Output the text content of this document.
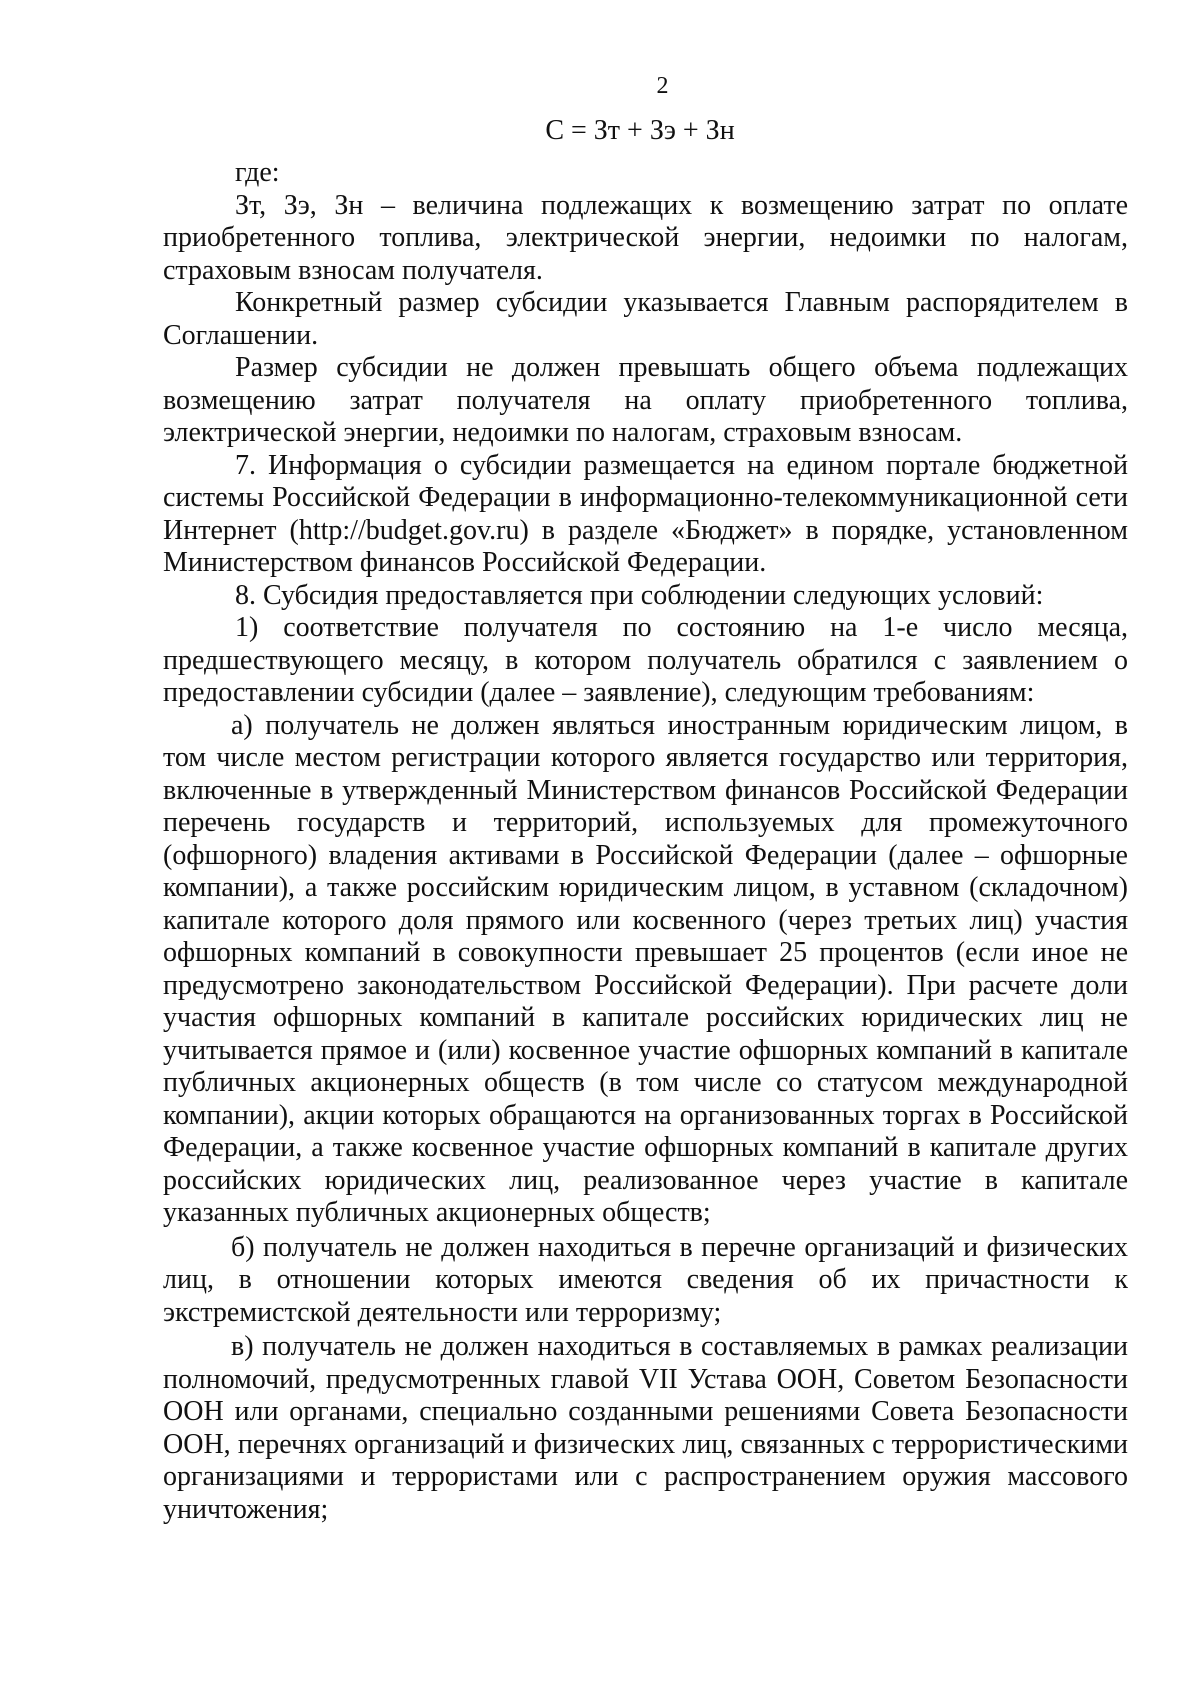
2
С = Зт + Зэ + Зн

где:

Зт, Зэ, Зн – величина подлежащих к возмещению затрат по оплате приобретенного топлива, электрической энергии, недоимки по налогам, страховым взносам получателя.

Конкретный размер субсидии указывается Главным распорядителем в Соглашении.

Размер субсидии не должен превышать общего объема подлежащих возмещению затрат получателя на оплату приобретенного топлива, электрической энергии, недоимки по налогам, страховым взносам.

7. Информация о субсидии размещается на едином портале бюджетной системы Российской Федерации в информационно-телекоммуникационной сети Интернет (http://budget.gov.ru) в разделе «Бюджет» в порядке, установленном Министерством финансов Российской Федерации.

8. Субсидия предоставляется при соблюдении следующих условий:

1) соответствие получателя по состоянию на 1-е число месяца, предшествующего месяцу, в котором получатель обратился с заявлением о предоставлении субсидии (далее – заявление), следующим требованиям:

а) получатель не должен являться иностранным юридическим лицом, в том числе местом регистрации которого является государство или территория, включенные в утвержденный Министерством финансов Российской Федерации перечень государств и территорий, используемых для промежуточного (офшорного) владения активами в Российской Федерации (далее – офшорные компании), а также российским юридическим лицом, в уставном (складочном) капитале которого доля прямого или косвенного (через третьих лиц) участия офшорных компаний в совокупности превышает 25 процентов (если иное не предусмотрено законодательством Российской Федерации). При расчете доли участия офшорных компаний в капитале российских юридических лиц не учитывается прямое и (или) косвенное участие офшорных компаний в капитале публичных акционерных обществ (в том числе со статусом международной компании), акции которых обращаются на организованных торгах в Российской Федерации, а также косвенное участие офшорных компаний в капитале других российских юридических лиц, реализованное через участие в капитале указанных публичных акционерных обществ;

б) получатель не должен находиться в перечне организаций и физических лиц, в отношении которых имеются сведения об их причастности к экстремистской деятельности или терроризму;

в) получатель не должен находиться в составляемых в рамках реализации полномочий, предусмотренных главой VII Устава ООН, Советом Безопасности ООН или органами, специально созданными решениями Совета Безопасности ООН, перечнях организаций и физических лиц, связанных с террористическими организациями и террористами или с распространением оружия массового уничтожения;
